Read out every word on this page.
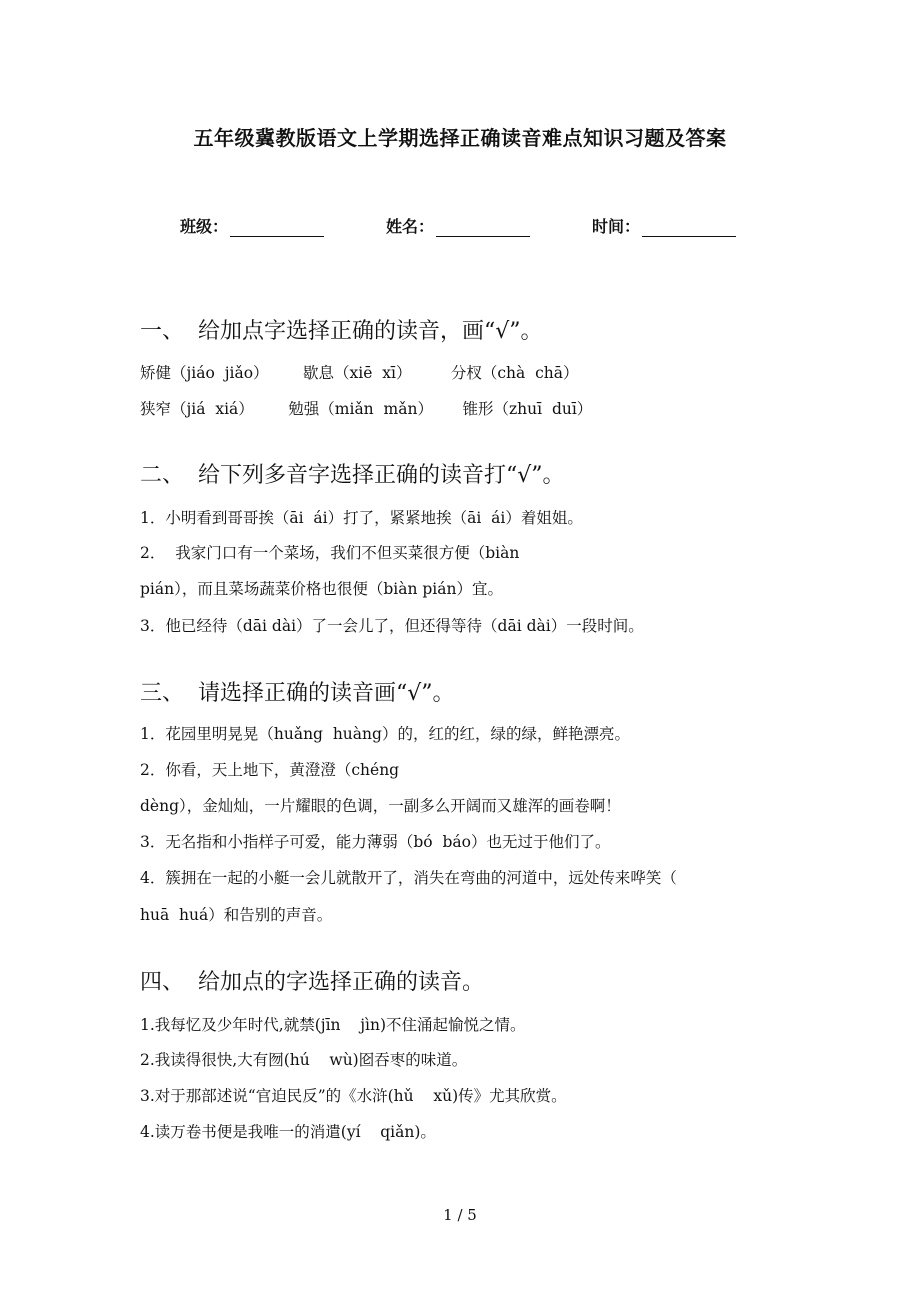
五年级冀教版语文上学期选择正确读音难点知识习题及答案
班级：	姓名：	时间：
一、  给加点字选择正确的读音，画“√”。
矫健（jiáo  jiǎo）       歇息（xiē  xī）        分杈（chà  chā）
狭窄（jiá  xiá）       勉强（miǎn  mǎn）      锥形（zhuī  duī）
二、  给下列多音字选择正确的读音打“√”。
1．小明看到哥哥挨（āi  ái）打了，紧紧地挨（āi  ái）着姐姐。
2．  我家门口有一个菜场，我们不但买菜很方便（biàn
pián），而且菜场蔬菜价格也很便（biàn pián）宜。
3．他已经待（dāi dài）了一会儿了，但还得等待（dāi dài）一段时间。
三、  请选择正确的读音画“√”。
1．花园里明晃晃（huǎng  huàng）的，红的红，绿的绿，鲜艳漂亮。
2．你看，天上地下，黄澄澄（chéng
dèng），金灿灿，一片耀眼的色调，一副多么开阔而又雄浑的画卷啊！
3．无名指和小指样子可爱，能力薄弱（bó  báo）也无过于他们了。
4．簇拥在一起的小艇一会儿就散开了，消失在弯曲的河道中，远处传来哗笑（
huā  huá）和告别的声音。
四、  给加点的字选择正确的读音。
1.我每忆及少年时代,就禁(jīn    jìn)不住涌起愉悦之情。
2.我读得很快,大有囫(hú    wù)囵吞枣的味道。
3.对于那部述说“官迫民反”的《水浒(hǔ    xǔ)传》尤其欣赏。
4.读万卷书便是我唯一的消遣(yí    qiǎn)。
1 / 5
